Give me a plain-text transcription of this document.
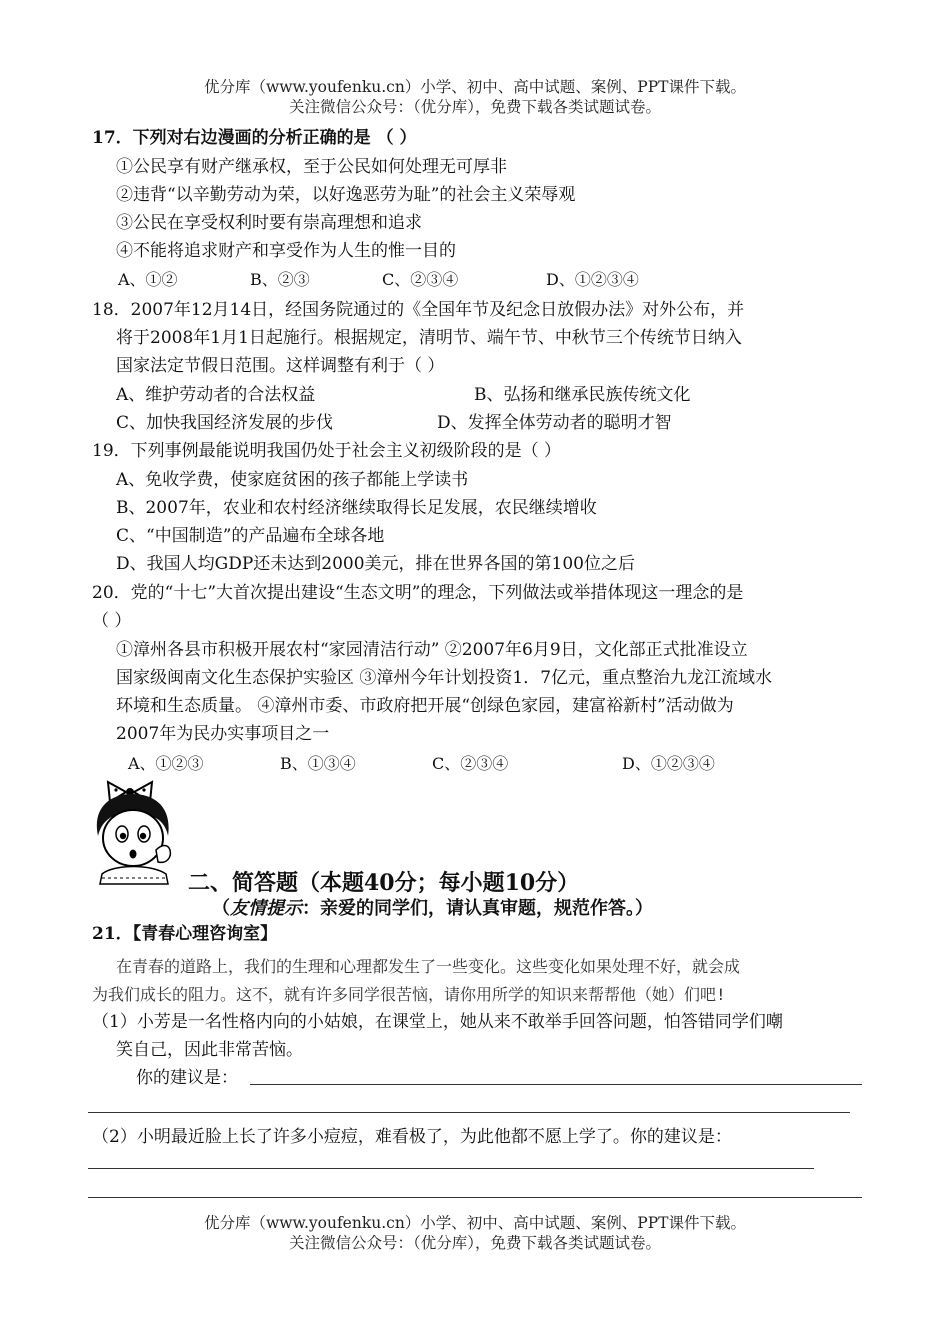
优分库（www.youfenku.cn）小学、初中、高中试题、案例、PPT课件下载。
关注微信公众号：（优分库），免费下载各类试题试卷。
17．下列对右边漫画的分析正确的是 （ ）
①公民享有财产继承权，至于公民如何处理无可厚非
②违背“以辛勤劳动为荣，以好逸恶劳为耻”的社会主义荣辱观
③公民在享受权利时要有崇高理想和追求
④不能将追求财产和享受作为人生的惟一目的
A、①②	B、②③	C、②③④	D、①②③④
18．2007年12月14日，经国务院通过的《全国年节及纪念日放假办法》对外公布，并
将于2008年1月1日起施行。根据规定，清明节、端午节、中秋节三个传统节日纳入
国家法定节假日范围。这样调整有利于（ ）
A、维护劳动者的合法权益	B、弘扬和继承民族传统文化
C、加快我国经济发展的步伐	D、发挥全体劳动者的聪明才智
19．下列事例最能说明我国仍处于社会主义初级阶段的是（ ）
A、免收学费，使家庭贫困的孩子都能上学读书
B、2007年，农业和农村经济继续取得长足发展，农民继续增收
C、“中国制造”的产品遍布全球各地
D、我国人均GDP还未达到2000美元，排在世界各国的第100位之后
20．党的“十七”大首次提出建设“生态文明”的理念，下列做法或举措体现这一理念的是
（ ）
①漳州各县市积极开展农村“家园清洁行动” ②2007年6月9日，文化部正式批准设立
国家级闽南文化生态保护实验区 ③漳州今年计划投资1．7亿元，重点整治九龙江流域水
环境和生态质量。 ④漳州市委、市政府把开展“创绿色家园，建富裕新村”活动做为
2007年为民办实事项目之一
A、①②③	B、①③④	C、②③④	D、①②③④
二、简答题（本题40分；每小题10分）
（友情提示：亲爱的同学们，请认真审题，规范作答。）
21．【青春心理咨询室】
在青春的道路上，我们的生理和心理都发生了一些变化。这些变化如果处理不好，就会成
为我们成长的阻力。这不，就有许多同学很苦恼，请你用所学的知识来帮帮他（她）们吧!
（1）小芳是一名性格内向的小姑娘，在课堂上，她从来不敢举手回答问题，怕答错同学们嘲
笑自己，因此非常苦恼。
你的建议是：
（2）小明最近脸上长了许多小痘痘，难看极了，为此他都不愿上学了。你的建议是：
优分库（www.youfenku.cn）小学、初中、高中试题、案例、PPT课件下载。
关注微信公众号：（优分库），免费下载各类试题试卷。
